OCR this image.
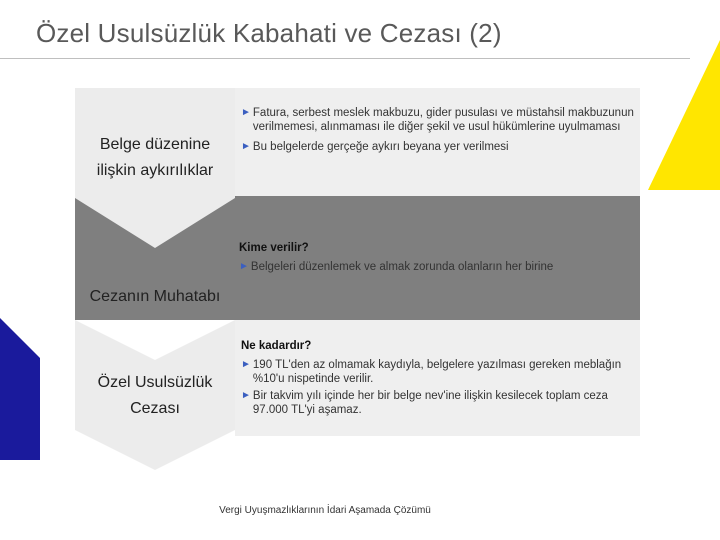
Özel Usulsüzlük Kabahati ve Cezası (2)
Belge düzenine
ilişkin aykırılıklar
Cezanın Muhatabı
Özel Usulsüzlük
Cezası
► Fatura, serbest meslek makbuzu, gider pusulası ve müstahsil makbuzunun verilmemesi, alınmaması ile diğer şekil ve usul hükümlerine uyulmaması
► Bu belgelerde gerçeğe aykırı beyana yer verilmesi
Kime verilir?
► Belgeleri düzenlemek ve almak zorunda olanların her birine
Ne kadardır?
► 190 TL'den az olmamak kaydıyla, belgelere yazılması gereken meblağın %10'u nispetinde verilir.
► Bir takvim yılı içinde her bir belge nev'ine ilişkin kesilecek toplam ceza 97.000 TL'yi aşamaz.
Vergi Uyuşmazlıklarının İdari Aşamada Çözümü
